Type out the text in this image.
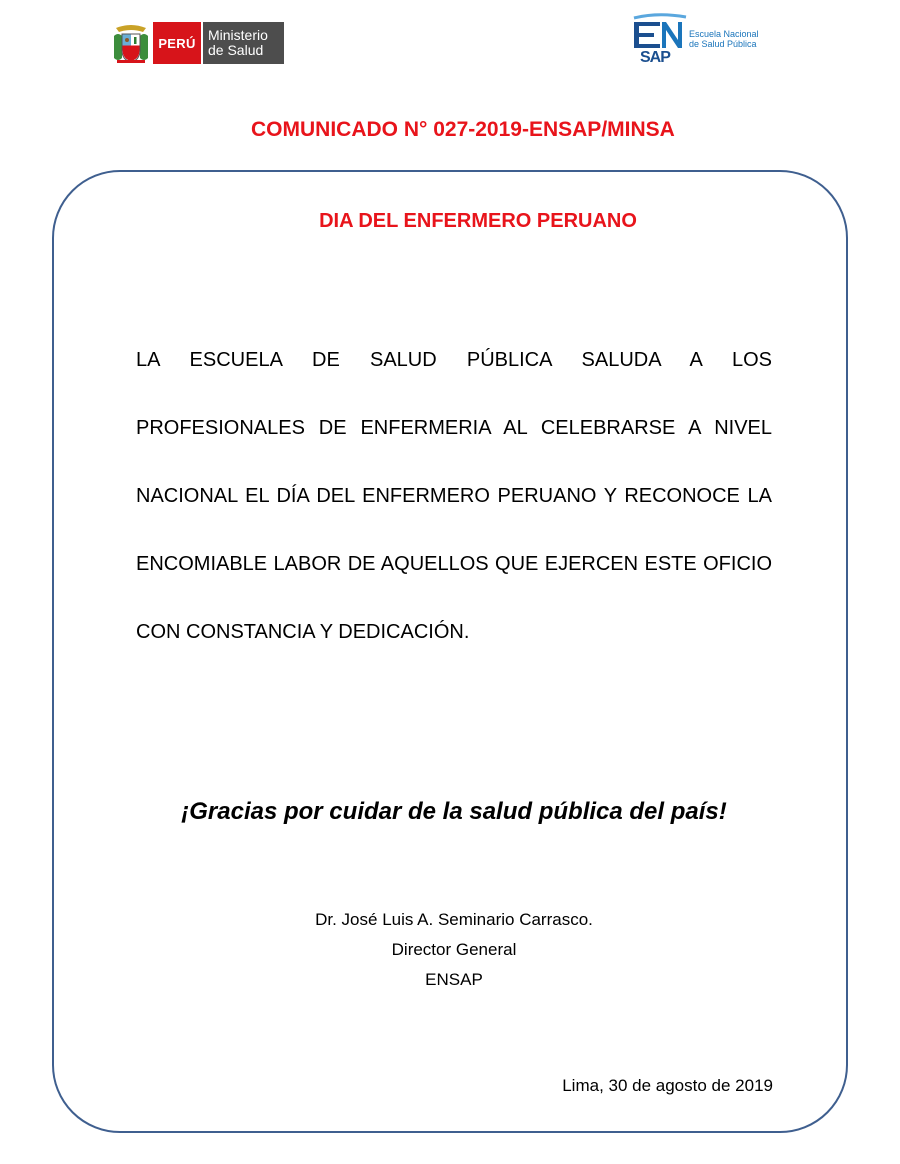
PERÚ Ministerio
de Salud	SAP
Escuela Nacional
de Salud Pública
COMUNICADO N° 027-2019-ENSAP/MINSA
DIA DEL ENFERMERO PERUANO

LA ESCUELA DE SALUD PÚBLICA SALUDA A LOS PROFESIONALES DE ENFERMERIA AL CELEBRARSE A NIVEL NACIONAL EL DÍA DEL ENFERMERO PERUANO Y RECONOCE LA ENCOMIABLE LABOR DE AQUELLOS QUE EJERCEN ESTE OFICIO CON CONSTANCIA Y DEDICACIÓN.

¡Gracias por cuidar de la salud pública del país!
Dr. José Luis A. Seminario Carrasco.
Director General
ENSAP
Lima, 30 de agosto de 2019
